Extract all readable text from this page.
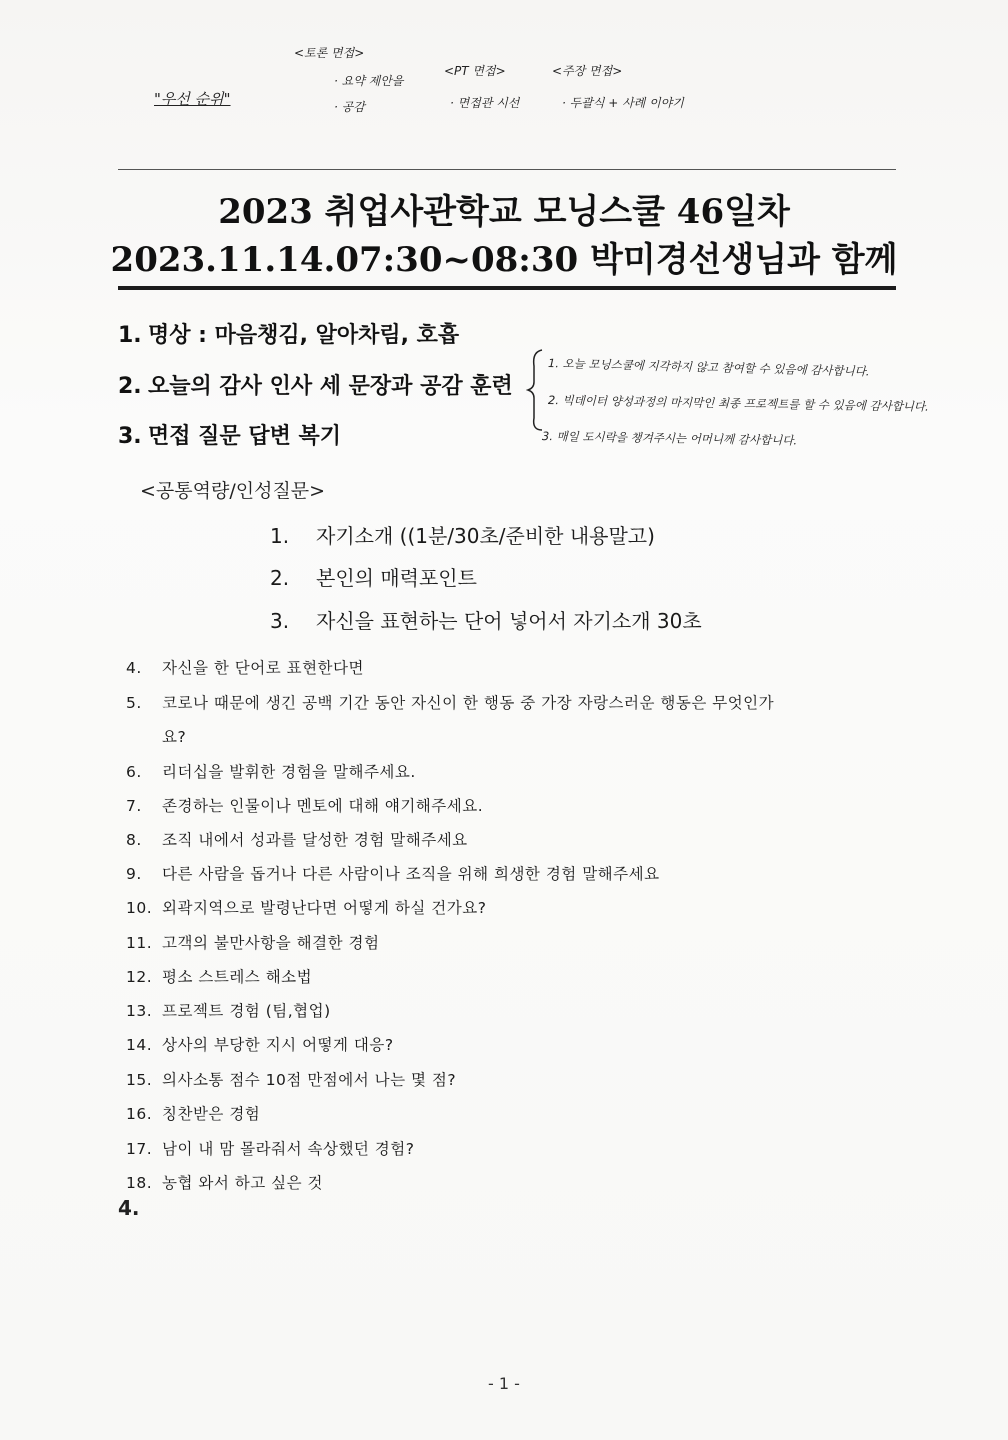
"우선 순위"
<토론 면접>
· 요약 제안을
· 공감
<PT 면접>
· 면접관 시선
<주장 면접>
· 두괄식 + 사례 이야기
2023 취업사관학교 모닝스쿨 46일차
2023.11.14.07:30~08:30 박미경선생님과 함께
1. 명상 : 마음챙김, 알아차림, 호흡
2. 오늘의 감사 인사 세 문장과 공감 훈련
3. 면접 질문 답변 복기
1. 오늘 모닝스쿨에 지각하지 않고 참여할 수 있음에 감사합니다.
2. 빅데이터 양성과정의 마지막인 최종 프로젝트를 할 수 있음에 감사합니다.
3. 매일 도시락을 챙겨주시는 어머니께 감사합니다.
<공통역량/인성질문>
1. 자기소개 ((1분/30초/준비한 내용말고)
2. 본인의 매력포인트
3. 자신을 표현하는 단어 넣어서 자기소개 30초
4. 자신을 한 단어로 표현한다면
5. 코로나 때문에 생긴 공백 기간 동안 자신이 한 행동 중 가장 자랑스러운 행동은 무엇인가
요?
6. 리더십을 발휘한 경험을 말해주세요.
7. 존경하는 인물이나 멘토에 대해 얘기해주세요.
8. 조직 내에서 성과를 달성한 경험 말해주세요
9. 다른 사람을 돕거나 다른 사람이나 조직을 위해 희생한 경험 말해주세요
10. 외곽지역으로 발령난다면 어떻게 하실 건가요?
11. 고객의 불만사항을 해결한 경험
12. 평소 스트레스 해소법
13. 프로젝트 경험 (팀,협업)
14. 상사의 부당한 지시 어떻게 대응?
15. 의사소통 점수 10점 만점에서 나는 몇 점?
16. 칭찬받은 경험
17. 남이 내 맘 몰라줘서 속상했던 경험?
18. 농협 와서 하고 싶은 것
4.
- 1 -
